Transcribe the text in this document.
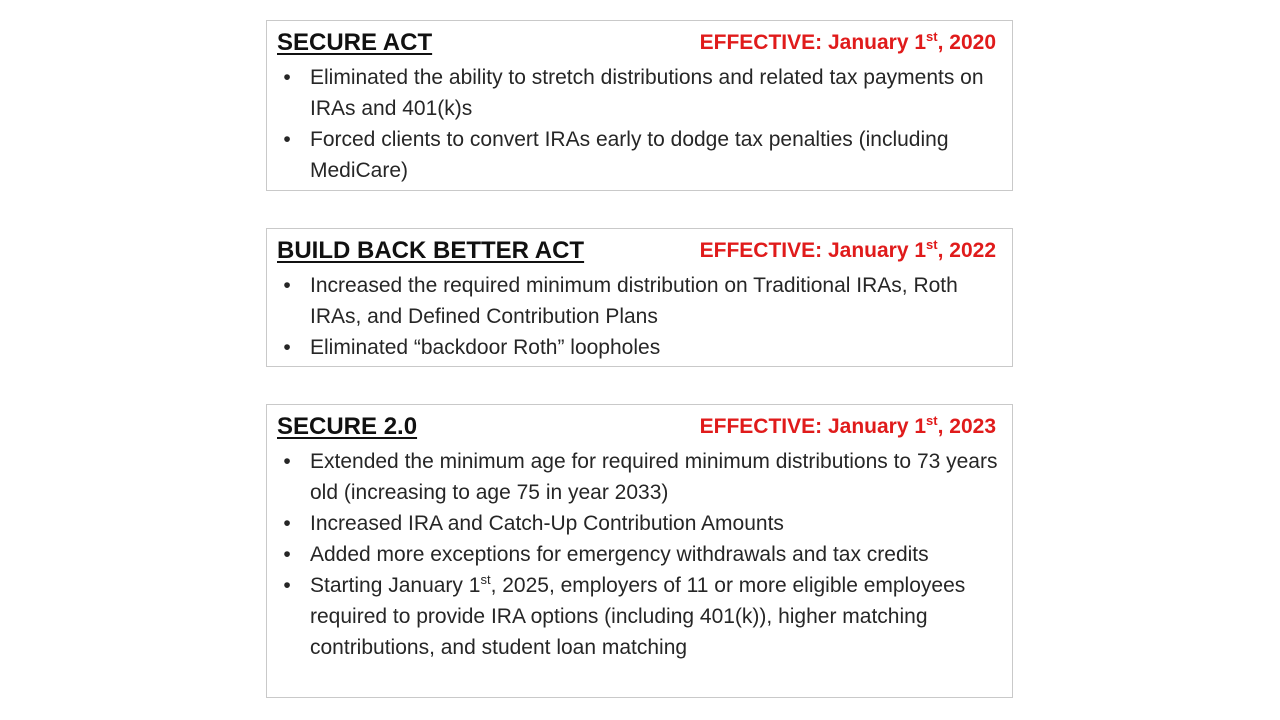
SECURE ACT	EFFECTIVE: January 1st, 2020
• Eliminated the ability to stretch distributions and related tax payments on IRAs and 401(k)s
• Forced clients to convert IRAs early to dodge tax penalties (including MediCare)
BUILD BACK BETTER ACT	EFFECTIVE: January 1st, 2022
• Increased the required minimum distribution on Traditional IRAs, Roth IRAs, and Defined Contribution Plans
• Eliminated “backdoor Roth” loopholes
SECURE 2.0	EFFECTIVE: January 1st, 2023
• Extended the minimum age for required minimum distributions to 73 years old (increasing to age 75 in year 2033)
• Increased IRA and Catch-Up Contribution Amounts
• Added more exceptions for emergency withdrawals and tax credits
• Starting January 1st, 2025, employers of 11 or more eligible employees required to provide IRA options (including 401(k)), higher matching contributions, and student loan matching
